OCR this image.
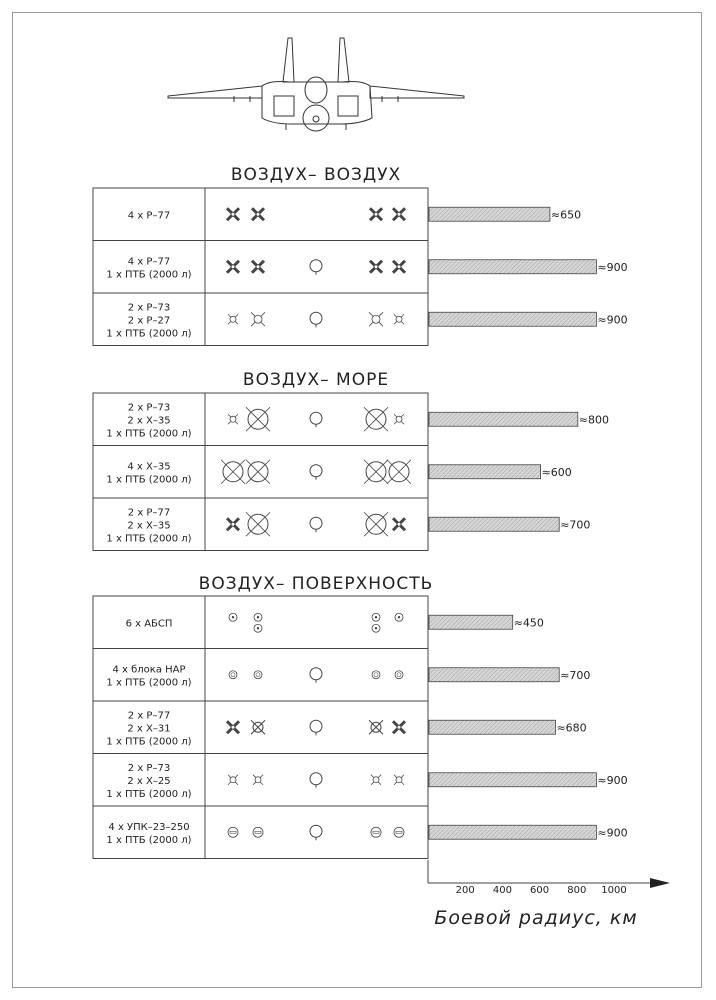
ВОЗДУХ– ВОЗДУХ
4 x Р–77	≈650
4 x Р–77
1 x ПТБ (2000 л)
≈900
2 x Р–73
2 x Р–27
1 x ПТБ (2000 л)
≈900
ВОЗДУХ– МОРЕ
2 x Р–73
2 x Х–35
1 x ПТБ (2000 л)
≈800
4 x Х–35
1 x ПТБ (2000 л)
≈600
2 x Р–77
2 x Х–35
1 x ПТБ (2000 л)
≈700
ВОЗДУХ– ПОВЕРХНОСТЬ
6 x АБСП	≈450
4 x блока НАР
1 x ПТБ (2000 л)
≈700
2 x Р–77
2 x Х–31
1 x ПТБ (2000 л)
≈680
2 x Р–73
2 x Х–25
1 x ПТБ (2000 л)
≈900
4 x УПК–23–250
1 x ПТБ (2000 л)
≈900
200 400 600 800 1000
Боевой радиус, км
